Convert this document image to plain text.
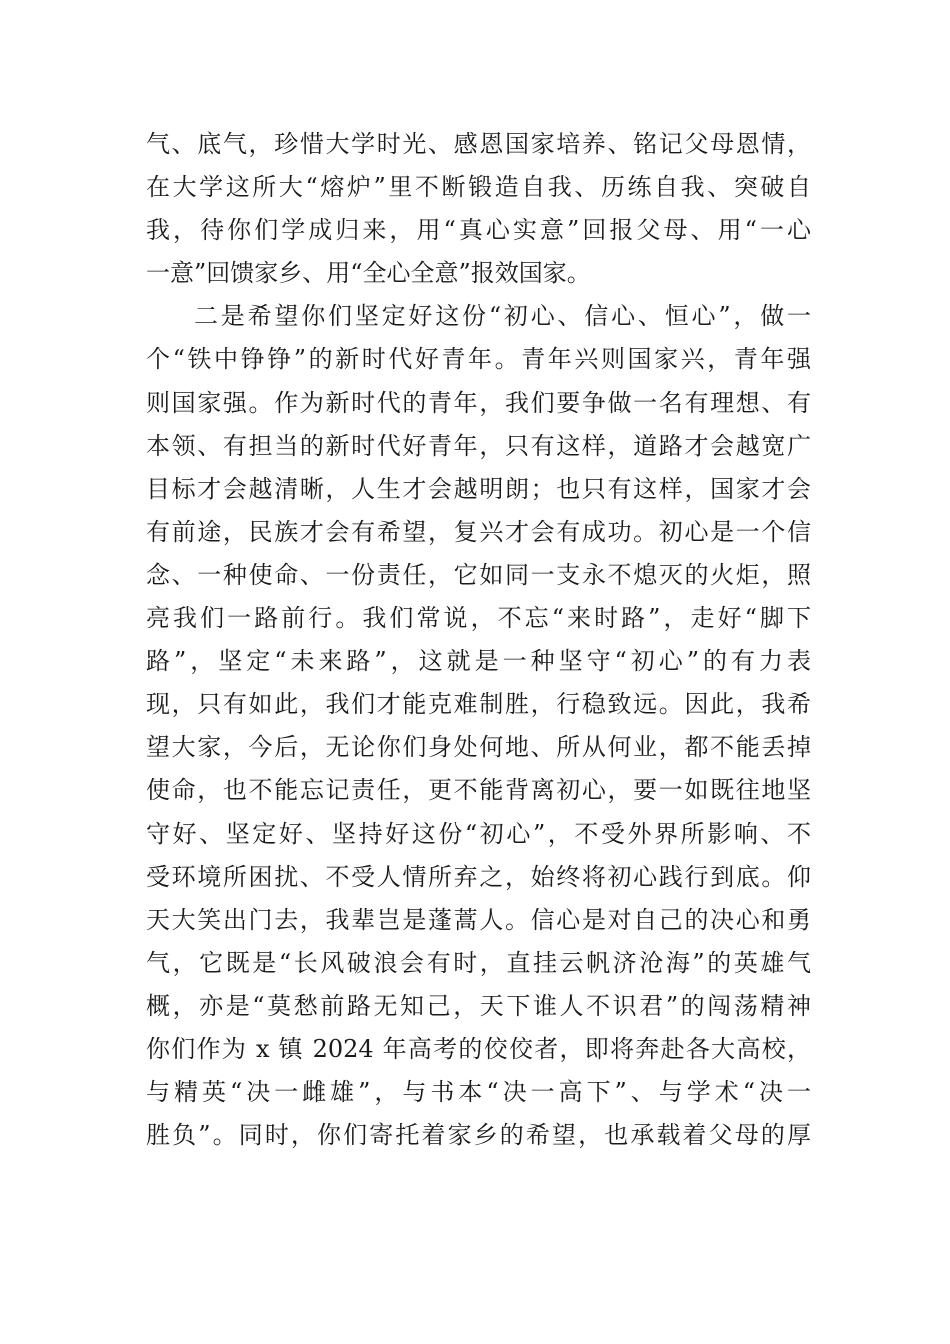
气、底气，珍惜大学时光、感恩国家培养、铭记父母恩情，
在大学这所大“熔炉”里不断锻造自我、历练自我、突破自
我，待你们学成归来，用“真心实意”回报父母、用“一心
一意”回馈家乡、用“全心全意”报效国家。
二是希望你们坚定好这份“初心、信心、恒心”，做一
个“铁中铮铮”的新时代好青年。青年兴则国家兴，青年强
则国家强。作为新时代的青年，我们要争做一名有理想、有
本领、有担当的新时代好青年，只有这样，道路才会越宽广
目标才会越清晰，人生才会越明朗；也只有这样，国家才会
有前途，民族才会有希望，复兴才会有成功。初心是一个信
念、一种使命、一份责任，它如同一支永不熄灭的火炬，照
亮我们一路前行。我们常说，不忘“来时路”，走好“脚下
路”，坚定“未来路”，这就是一种坚守“初心”的有力表
现，只有如此，我们才能克难制胜，行稳致远。因此，我希
望大家，今后，无论你们身处何地、所从何业，都不能丢掉
使命，也不能忘记责任，更不能背离初心，要一如既往地坚
守好、坚定好、坚持好这份“初心”，不受外界所影响、不
受环境所困扰、不受人情所弃之，始终将初心践行到底。仰
天大笑出门去，我辈岂是蓬蒿人。信心是对自己的决心和勇
气，它既是“长风破浪会有时，直挂云帆济沧海”的英雄气
概，亦是“莫愁前路无知己，天下谁人不识君”的闯荡精神
你们作为 x 镇 2024 年高考的佼佼者，即将奔赴各大高校，
与精英“决一雌雄”，与书本“决一高下”、与学术“决一
胜负”。同时，你们寄托着家乡的希望，也承载着父母的厚
